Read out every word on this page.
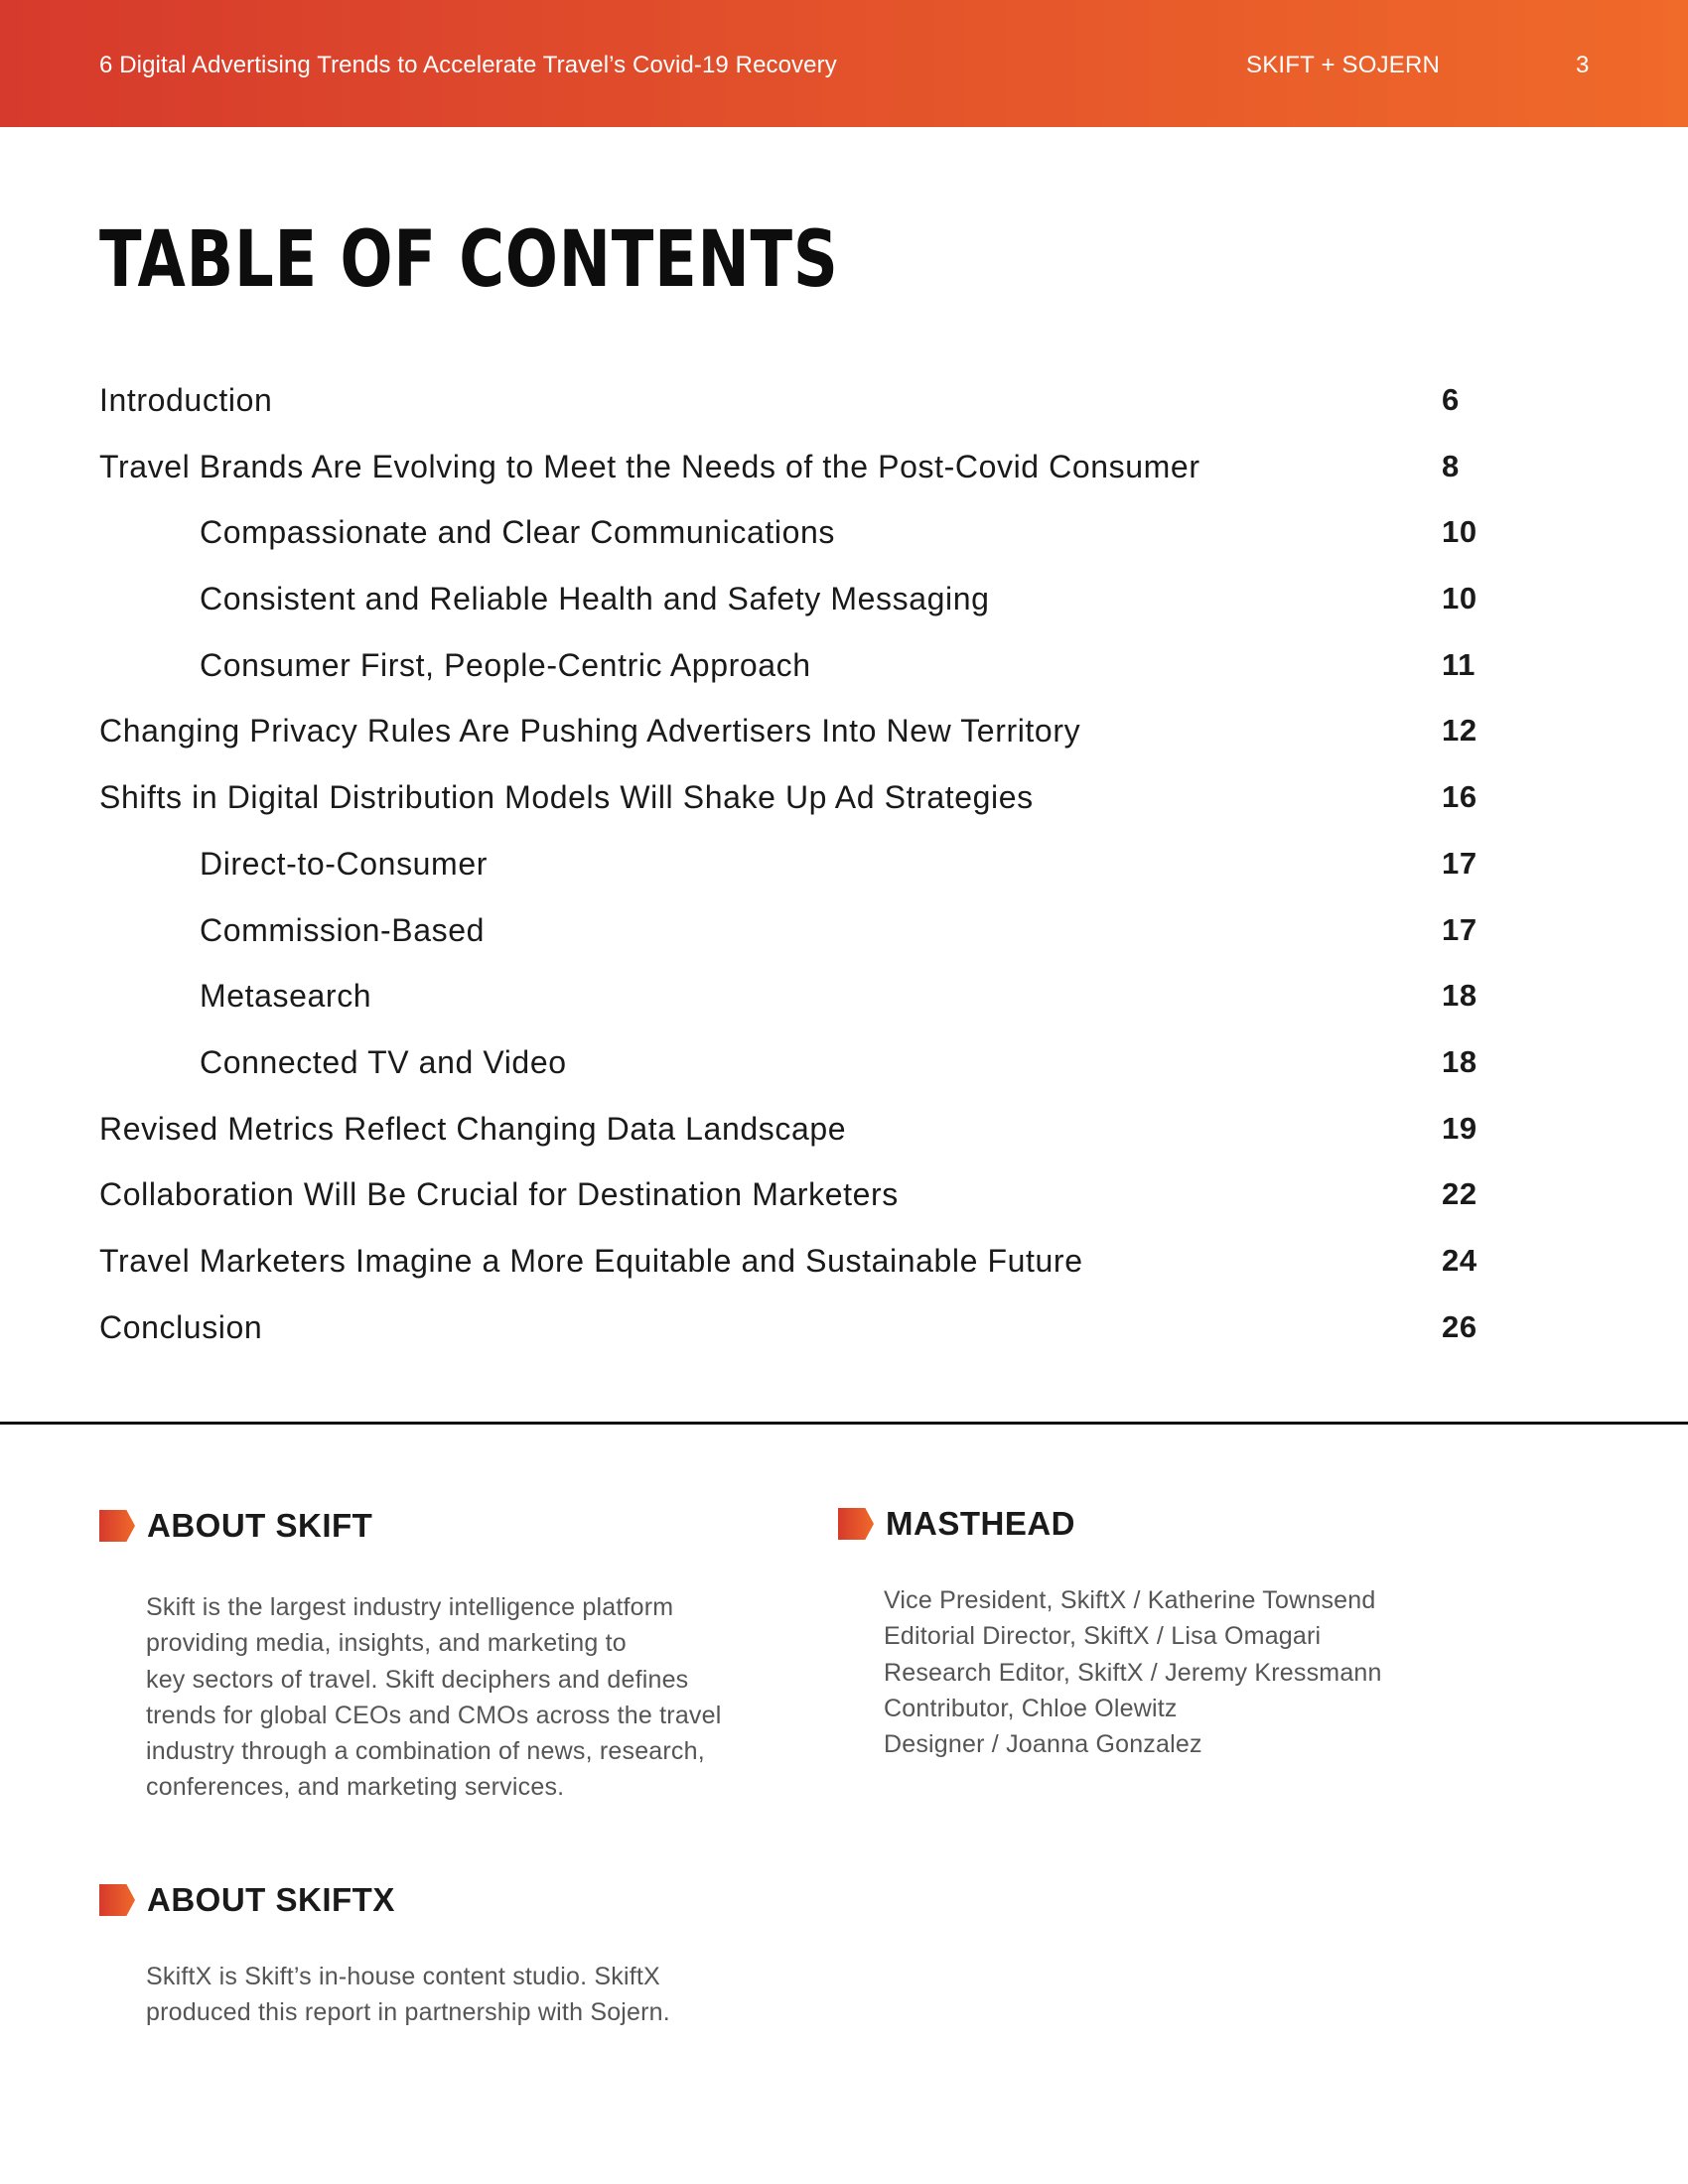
6 Digital Advertising Trends to Accelerate Travel’s Covid-19 Recovery	SKIFT + SOJERN	3
TABLE OF CONTENTS
Introduction	6
Travel Brands Are Evolving to Meet the Needs of the Post-Covid Consumer	8
Compassionate and Clear Communications	10
Consistent and Reliable Health and Safety Messaging	10
Consumer First, People-Centric Approach	11
Changing Privacy Rules Are Pushing Advertisers Into New Territory	12
Shifts in Digital Distribution Models Will Shake Up Ad Strategies	16
Direct-to-Consumer	17
Commission-Based	17
Metasearch	18
Connected TV and Video	18
Revised Metrics Reflect Changing Data Landscape	19
Collaboration Will Be Crucial for Destination Marketers	22
Travel Marketers Imagine a More Equitable and Sustainable Future	24
Conclusion	26
ABOUT SKIFT
Skift is the largest industry intelligence platform
providing media, insights, and marketing to
key sectors of travel. Skift deciphers and defines
trends for global CEOs and CMOs across the travel
industry through a combination of news, research,
conferences, and marketing services.
ABOUT SKIFTX
SkiftX is Skift’s in-house content studio. SkiftX
produced this report in partnership with Sojern.
MASTHEAD
Vice President, SkiftX / Katherine Townsend
Editorial Director, SkiftX / Lisa Omagari
Research Editor, SkiftX / Jeremy Kressmann
Contributor, Chloe Olewitz
Designer / Joanna Gonzalez
